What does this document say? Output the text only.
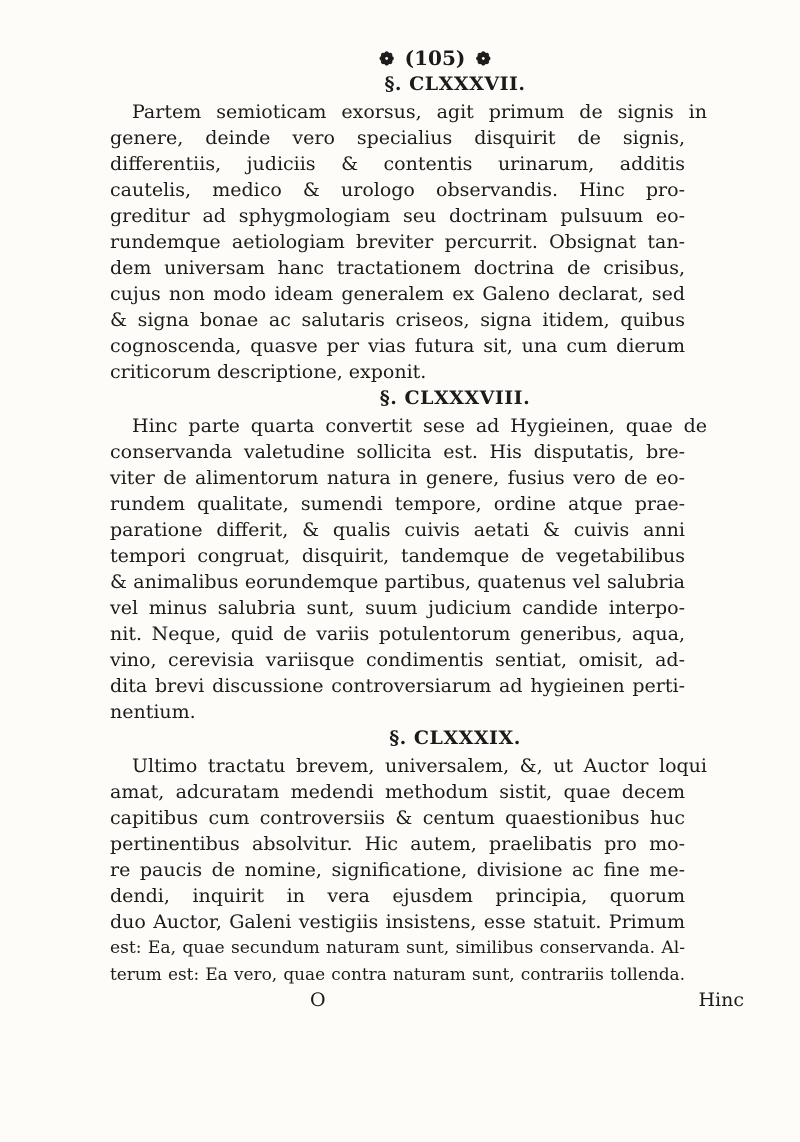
❁ (105) ❁
§. CLXXXVII.
Partem semioticam exorsus, agit primum de signis in
genere, deinde vero specialius disquirit de signis,
differentiis, judiciis & contentis urinarum, additis
cautelis, medico & urologo observandis. Hinc pro-
greditur ad sphygmologiam seu doctrinam pulsuum eo-
rundemque aetiologiam breviter percurrit. Obsignat tan-
dem universam hanc tractationem doctrina de crisibus,
cujus non modo ideam generalem ex Galeno declarat, sed
& signa bonae ac salutaris criseos, signa itidem, quibus
cognoscenda, quasve per vias futura sit, una cum dierum
criticorum descriptione, exponit.
§. CLXXXVIII.
Hinc parte quarta convertit sese ad Hygieinen, quae de
conservanda valetudine sollicita est. His disputatis, bre-
viter de alimentorum natura in genere, fusius vero de eo-
rundem qualitate, sumendi tempore, ordine atque prae-
paratione differit, & qualis cuivis aetati & cuivis anni
tempori congruat, disquirit, tandemque de vegetabilibus
& animalibus eorundemque partibus, quatenus vel salubria
vel minus salubria sunt, suum judicium candide interpo-
nit. Neque, quid de variis potulentorum generibus, aqua,
vino, cerevisia variisque condimentis sentiat, omisit, ad-
dita brevi discussione controversiarum ad hygieinen perti-
nentium.
§. CLXXXIX.
Ultimo tractatu brevem, universalem, &, ut Auctor loqui
amat, adcuratam medendi methodum sistit, quae decem
capitibus cum controversiis & centum quaestionibus huc
pertinentibus absolvitur. Hic autem, praelibatis pro mo-
re paucis de nomine, significatione, divisione ac fine me-
dendi, inquirit in vera ejusdem principia, quorum
duo Auctor, Galeni vestigiis insistens, esse statuit. Primum
est: Ea, quae secundum naturam sunt, similibus conservanda. Al-
terum est: Ea vero, quae contra naturam sunt, contrariis tollenda.
O	Hinc
